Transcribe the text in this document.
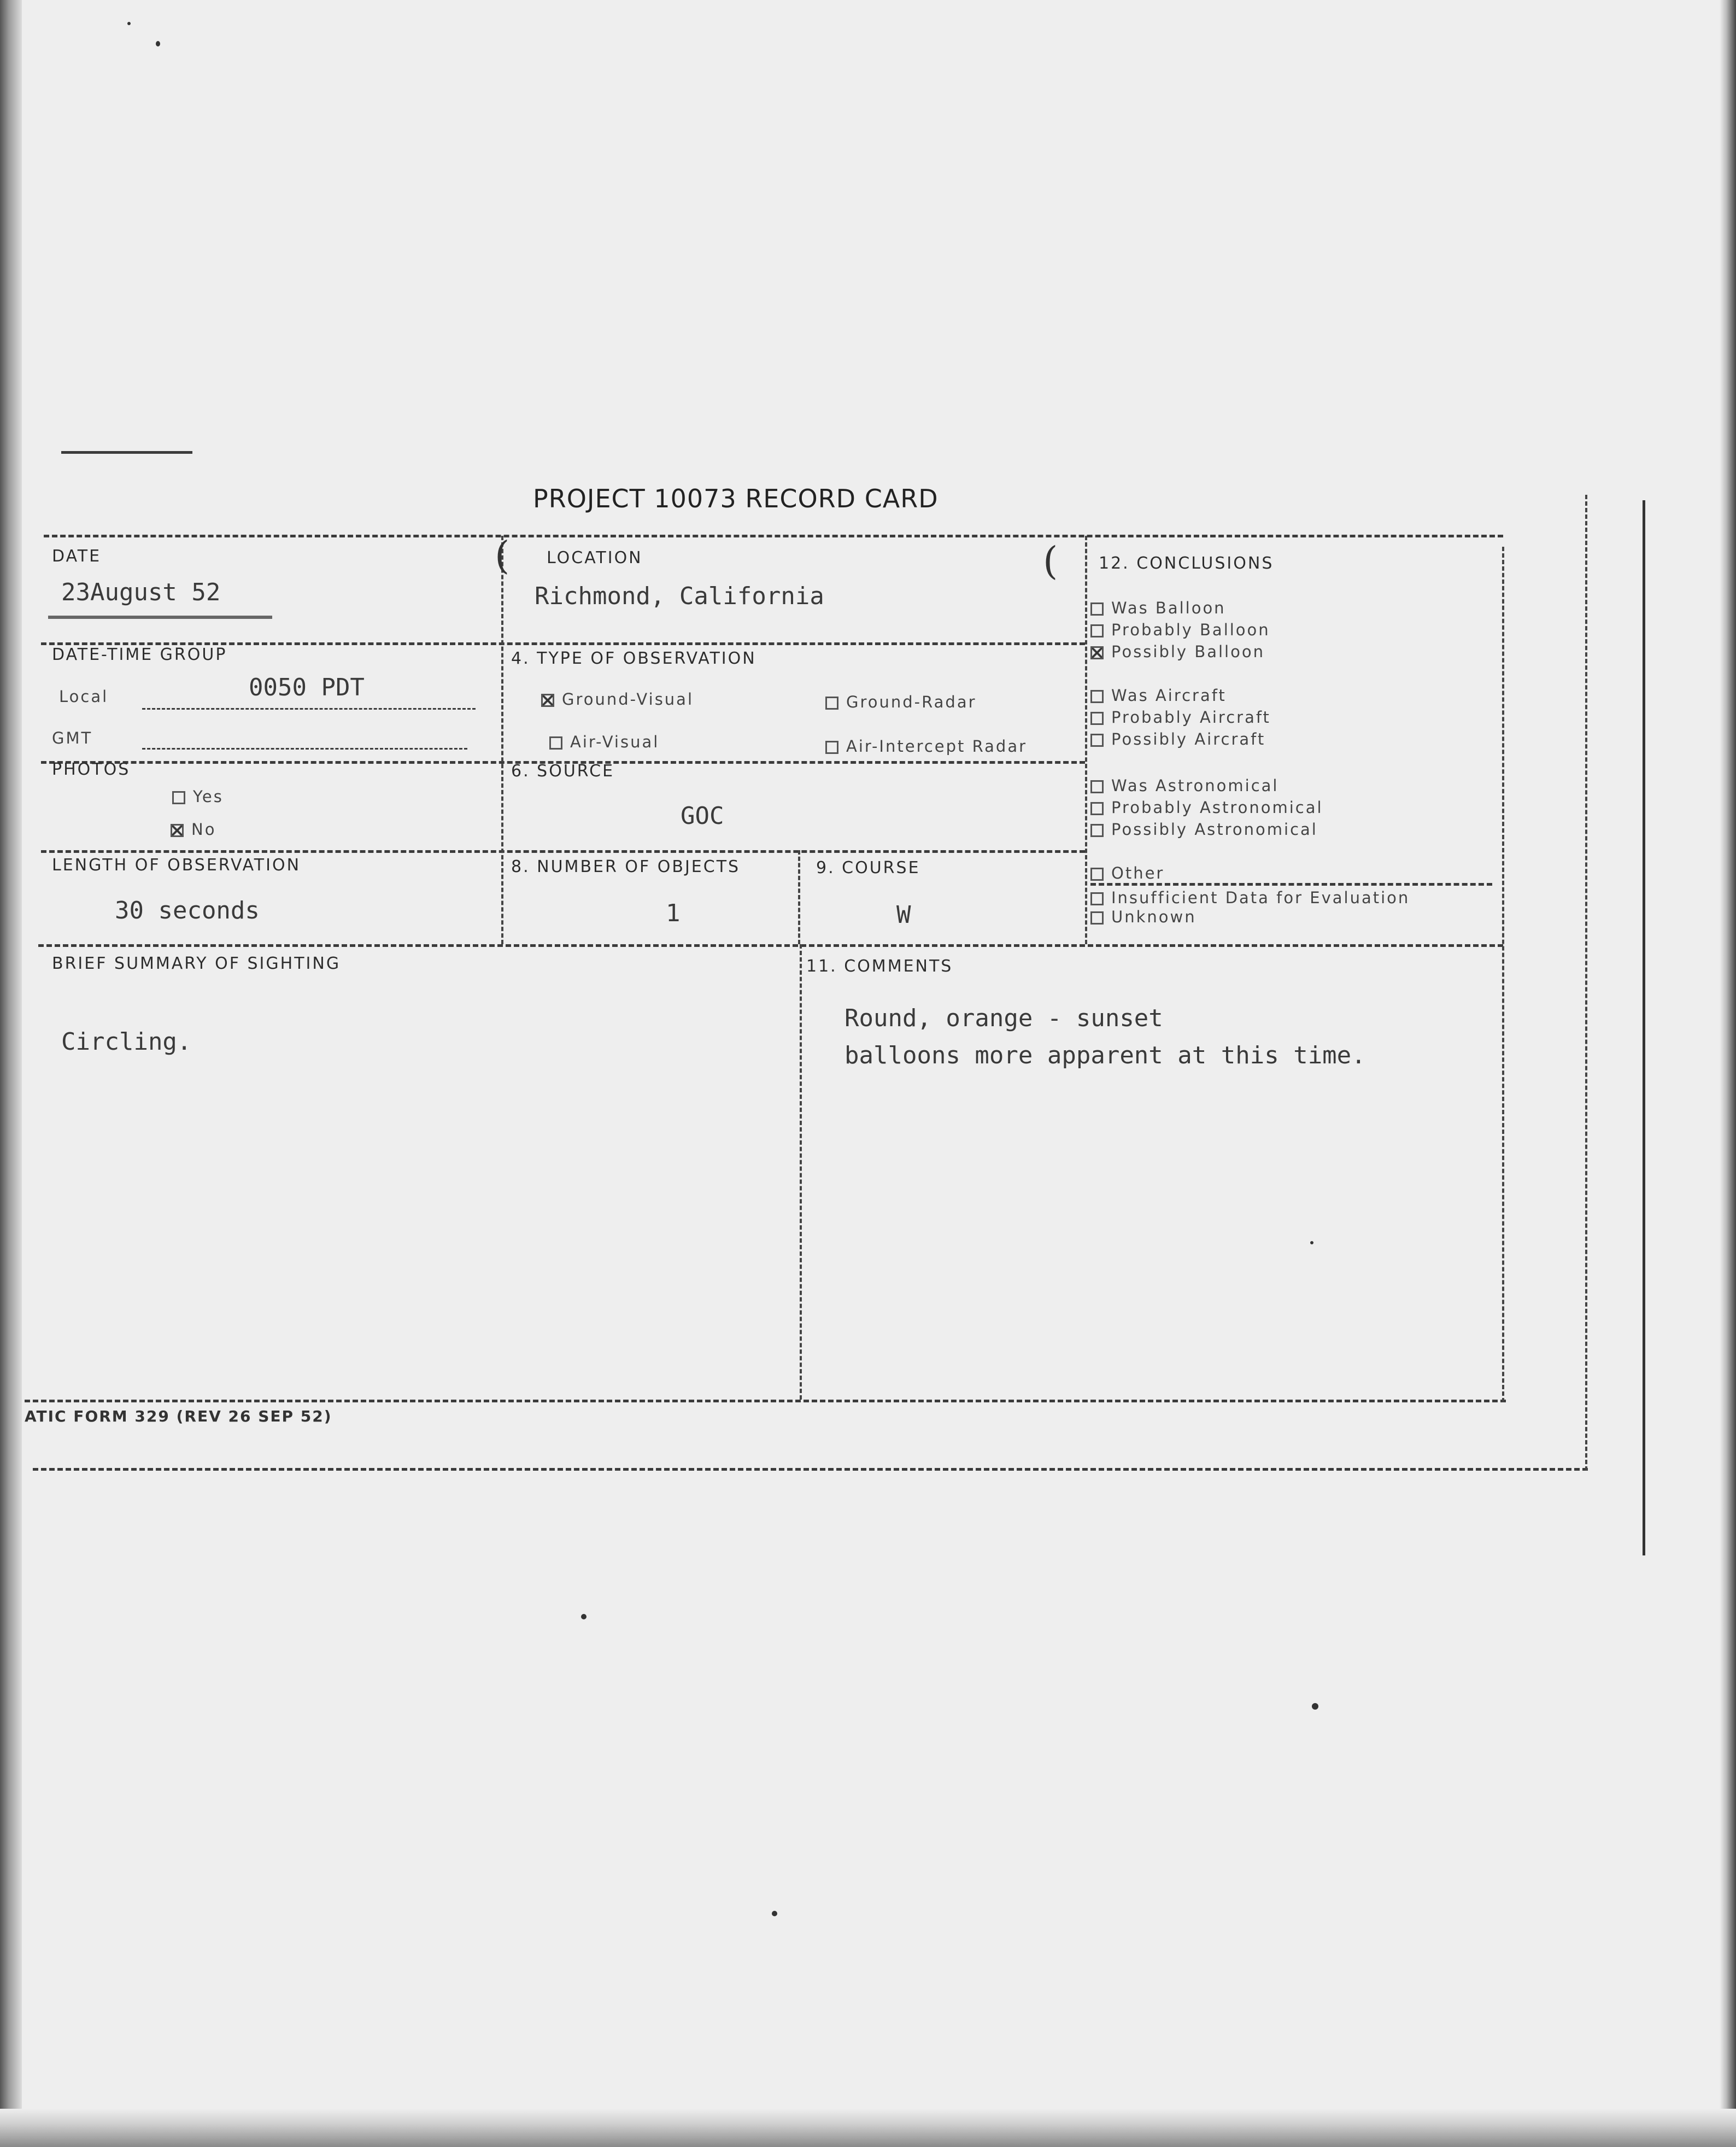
PROJECT 10073 RECORD CARD
(	(
DATE
23August 52
LOCATION
Richmond, California
DATE-TIME GROUP
Local	0050 PDT
GMT
4. TYPE OF OBSERVATION
Ground-Visual	Ground-Radar
Air-Visual	Air-Intercept Radar
PHOTOS
Yes
No
6. SOURCE
GOC
LENGTH OF OBSERVATION
30 seconds
8. NUMBER OF OBJECTS
1
9. COURSE
W
12. CONCLUSIONS
Was Balloon
Probably Balloon
Possibly Balloon
Was Aircraft
Probably Aircraft
Possibly Aircraft
Was Astronomical
Probably Astronomical
Possibly Astronomical
Other
Insufficient Data for Evaluation
Unknown
BRIEF SUMMARY OF SIGHTING
Circling.
11. COMMENTS
Round, orange - sunset
balloons more apparent at this time.
ATIC FORM 329 (REV 26 SEP 52)
